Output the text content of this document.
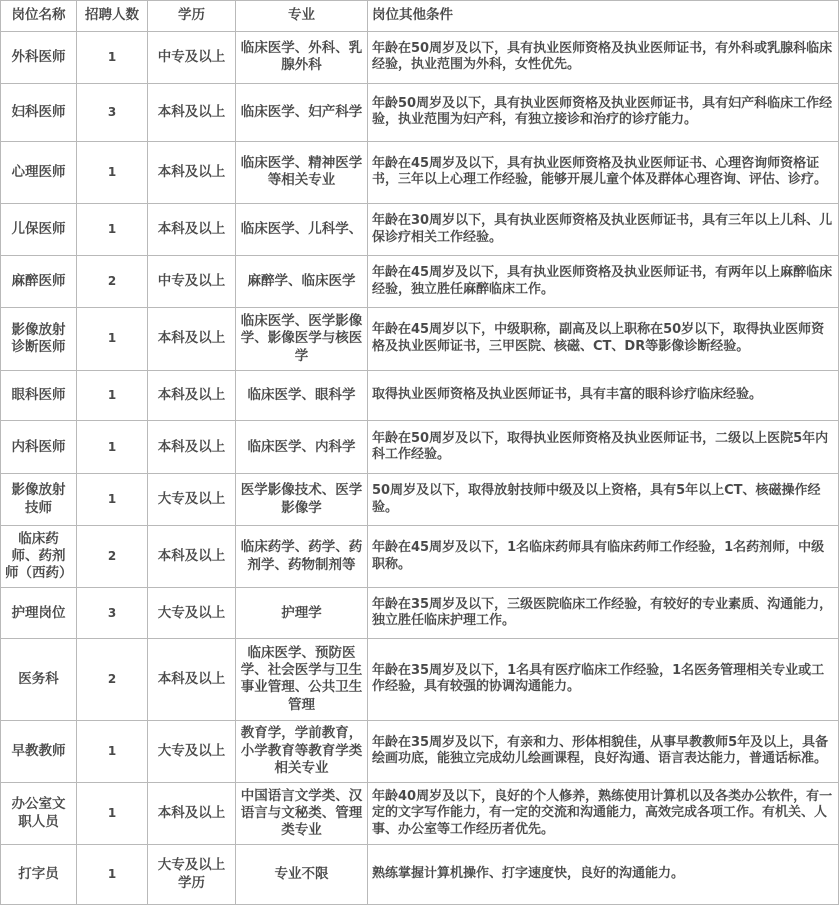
岗位名称	招聘人数	学历	专业	岗位其他条件
外科医师	1	中专及以上	临床医学、外科、乳腺外科	年龄在50周岁及以下，具有执业医师资格及执业医师证书，有外科或乳腺科临床经验，执业范围为外科，女性优先。
妇科医师	3	本科及以上	临床医学、妇产科学	年龄50周岁及以下，具有执业医师资格及执业医师证书，具有妇产科临床工作经验，执业范围为妇产科，有独立接诊和治疗的诊疗能力。
心理医师	1	本科及以上	临床医学、精神医学等相关专业	年龄在45周岁及以下，具有执业医师资格及执业医师证书、心理咨询师资格证书，三年以上心理工作经验，能够开展儿童个体及群体心理咨询、评估、诊疗。
儿保医师	1	本科及以上	临床医学、儿科学、	年龄在30周岁以下，具有执业医师资格及执业医师证书，具有三年以上儿科、儿保诊疗相关工作经验。
麻醉医师	2	中专及以上	麻醉学、临床医学	年龄在45周岁及以下，具有执业医师资格及执业医师证书，有两年以上麻醉临床经验，独立胜任麻醉临床工作。
影像放射诊断医师	1	本科及以上	临床医学、医学影像学、影像医学与核医学	年龄在45周岁以下，中级职称，副高及以上职称在50岁以下，取得执业医师资格及执业医师证书，三甲医院、核磁、CT、DR等影像诊断经验。
眼科医师	1	本科及以上	临床医学、眼科学	取得执业医师资格及执业医师证书，具有丰富的眼科诊疗临床经验。
内科医师	1	本科及以上	临床医学、内科学	年龄在50周岁及以下，取得执业医师资格及执业医师证书，二级以上医院5年内科工作经验。
影像放射技师	1	大专及以上	医学影像技术、医学影像学	50周岁及以下，取得放射技师中级及以上资格，具有5年以上CT、核磁操作经验。
临床药师、药剂师（西药）	2	本科及以上	临床药学、药学、药剂学、药物制剂等	年龄在45周岁及以下，1名临床药师具有临床药师工作经验，1名药剂师，中级职称。
护理岗位	3	大专及以上	护理学	年龄在35周岁及以下，三级医院临床工作经验，有较好的专业素质、沟通能力，独立胜任临床护理工作。
医务科	2	本科及以上	临床医学、预防医学、社会医学与卫生事业管理、公共卫生管理	年龄在35周岁及以下，1名具有医疗临床工作经验，1名医务管理相关专业或工作经验，具有较强的协调沟通能力。
早教教师	1	大专及以上	教育学，学前教育，小学教育等教育学类相关专业	年龄在35周岁及以下，有亲和力、形体相貌佳，从事早教教师5年及以上，具备绘画功底，能独立完成幼儿绘画课程，良好沟通、语言表达能力，普通话标准。
办公室文职人员	1	本科及以上	中国语言文学类、汉语言与文秘类、管理类专业	年龄40周岁及以下，良好的个人修养，熟练使用计算机以及各类办公软件，有一定的文字写作能力，有一定的交流和沟通能力，高效完成各项工作。有机关、人事、办公室等工作经历者优先。
打字员	1	大专及以上学历	专业不限	熟练掌握计算机操作、打字速度快，良好的沟通能力。
